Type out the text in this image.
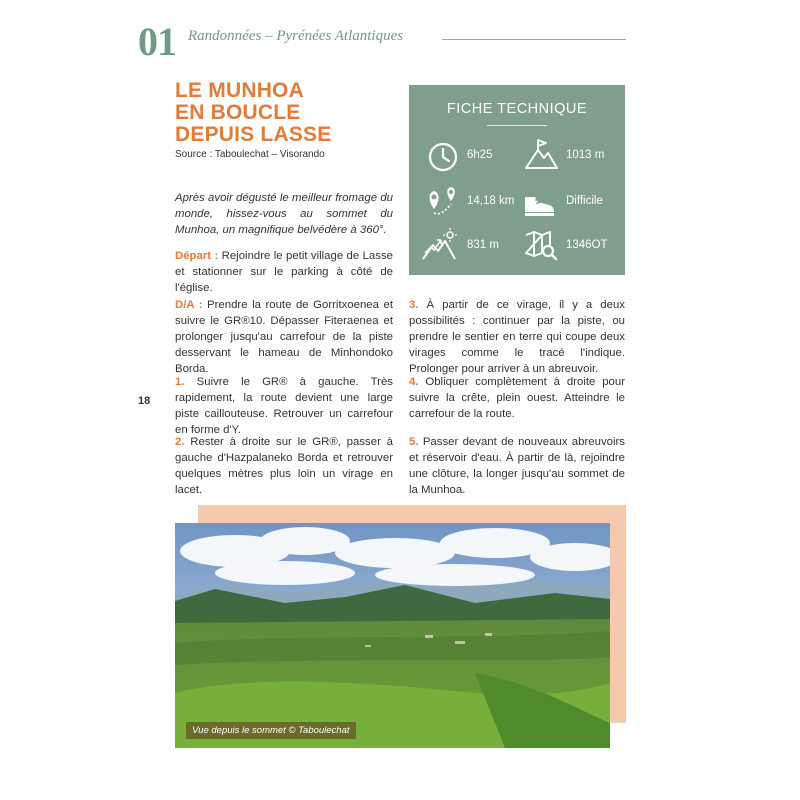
01 Randonnées – Pyrénées Atlantiques
18
LE MUNHOA
EN BOUCLE
DEPUIS LASSE
Source : Taboulechat – Visorando

Après avoir dégusté le meilleur fromage du monde, hissez-vous au sommet du Munhoa, un magnifique belvédère à 360°.

Départ : Rejoindre le petit village de Lasse et stationner sur le parking à côté de l'église.

D/A : Prendre la route de Gorritxoenea et suivre le GR®10. Dépasser Fiteraenea et prolonger jusqu'au carrefour de la piste desservant le hameau de Minhondoko Borda.

1. Suivre le GR® à gauche. Très rapidement, la route devient une large piste caillouteuse. Retrouver un carrefour en forme d'Y.

2. Rester à droite sur le GR®, passer à gauche d'Hazpalaneko Borda et retrouver quelques mètres plus loin un virage en lacet.

FICHE TECHNIQUE
6h25	1013 m
14,18 km	Difficile
831 m	1346OT

3. À partir de ce virage, il y a deux possibilités : continuer par la piste, ou prendre le sentier en terre qui coupe deux virages comme le tracé l'indique. Prolonger pour arriver à un abreuvoir.

4. Obliquer complètement à droite pour suivre la crête, plein ouest. Atteindre le carrefour de la route.

5. Passer devant de nouveaux abreuvoirs et réservoir d'eau. À partir de là, rejoindre une clôture, la longer jusqu'au sommet de la Munhoa.

Vue depuis le sommet © Taboulechat
